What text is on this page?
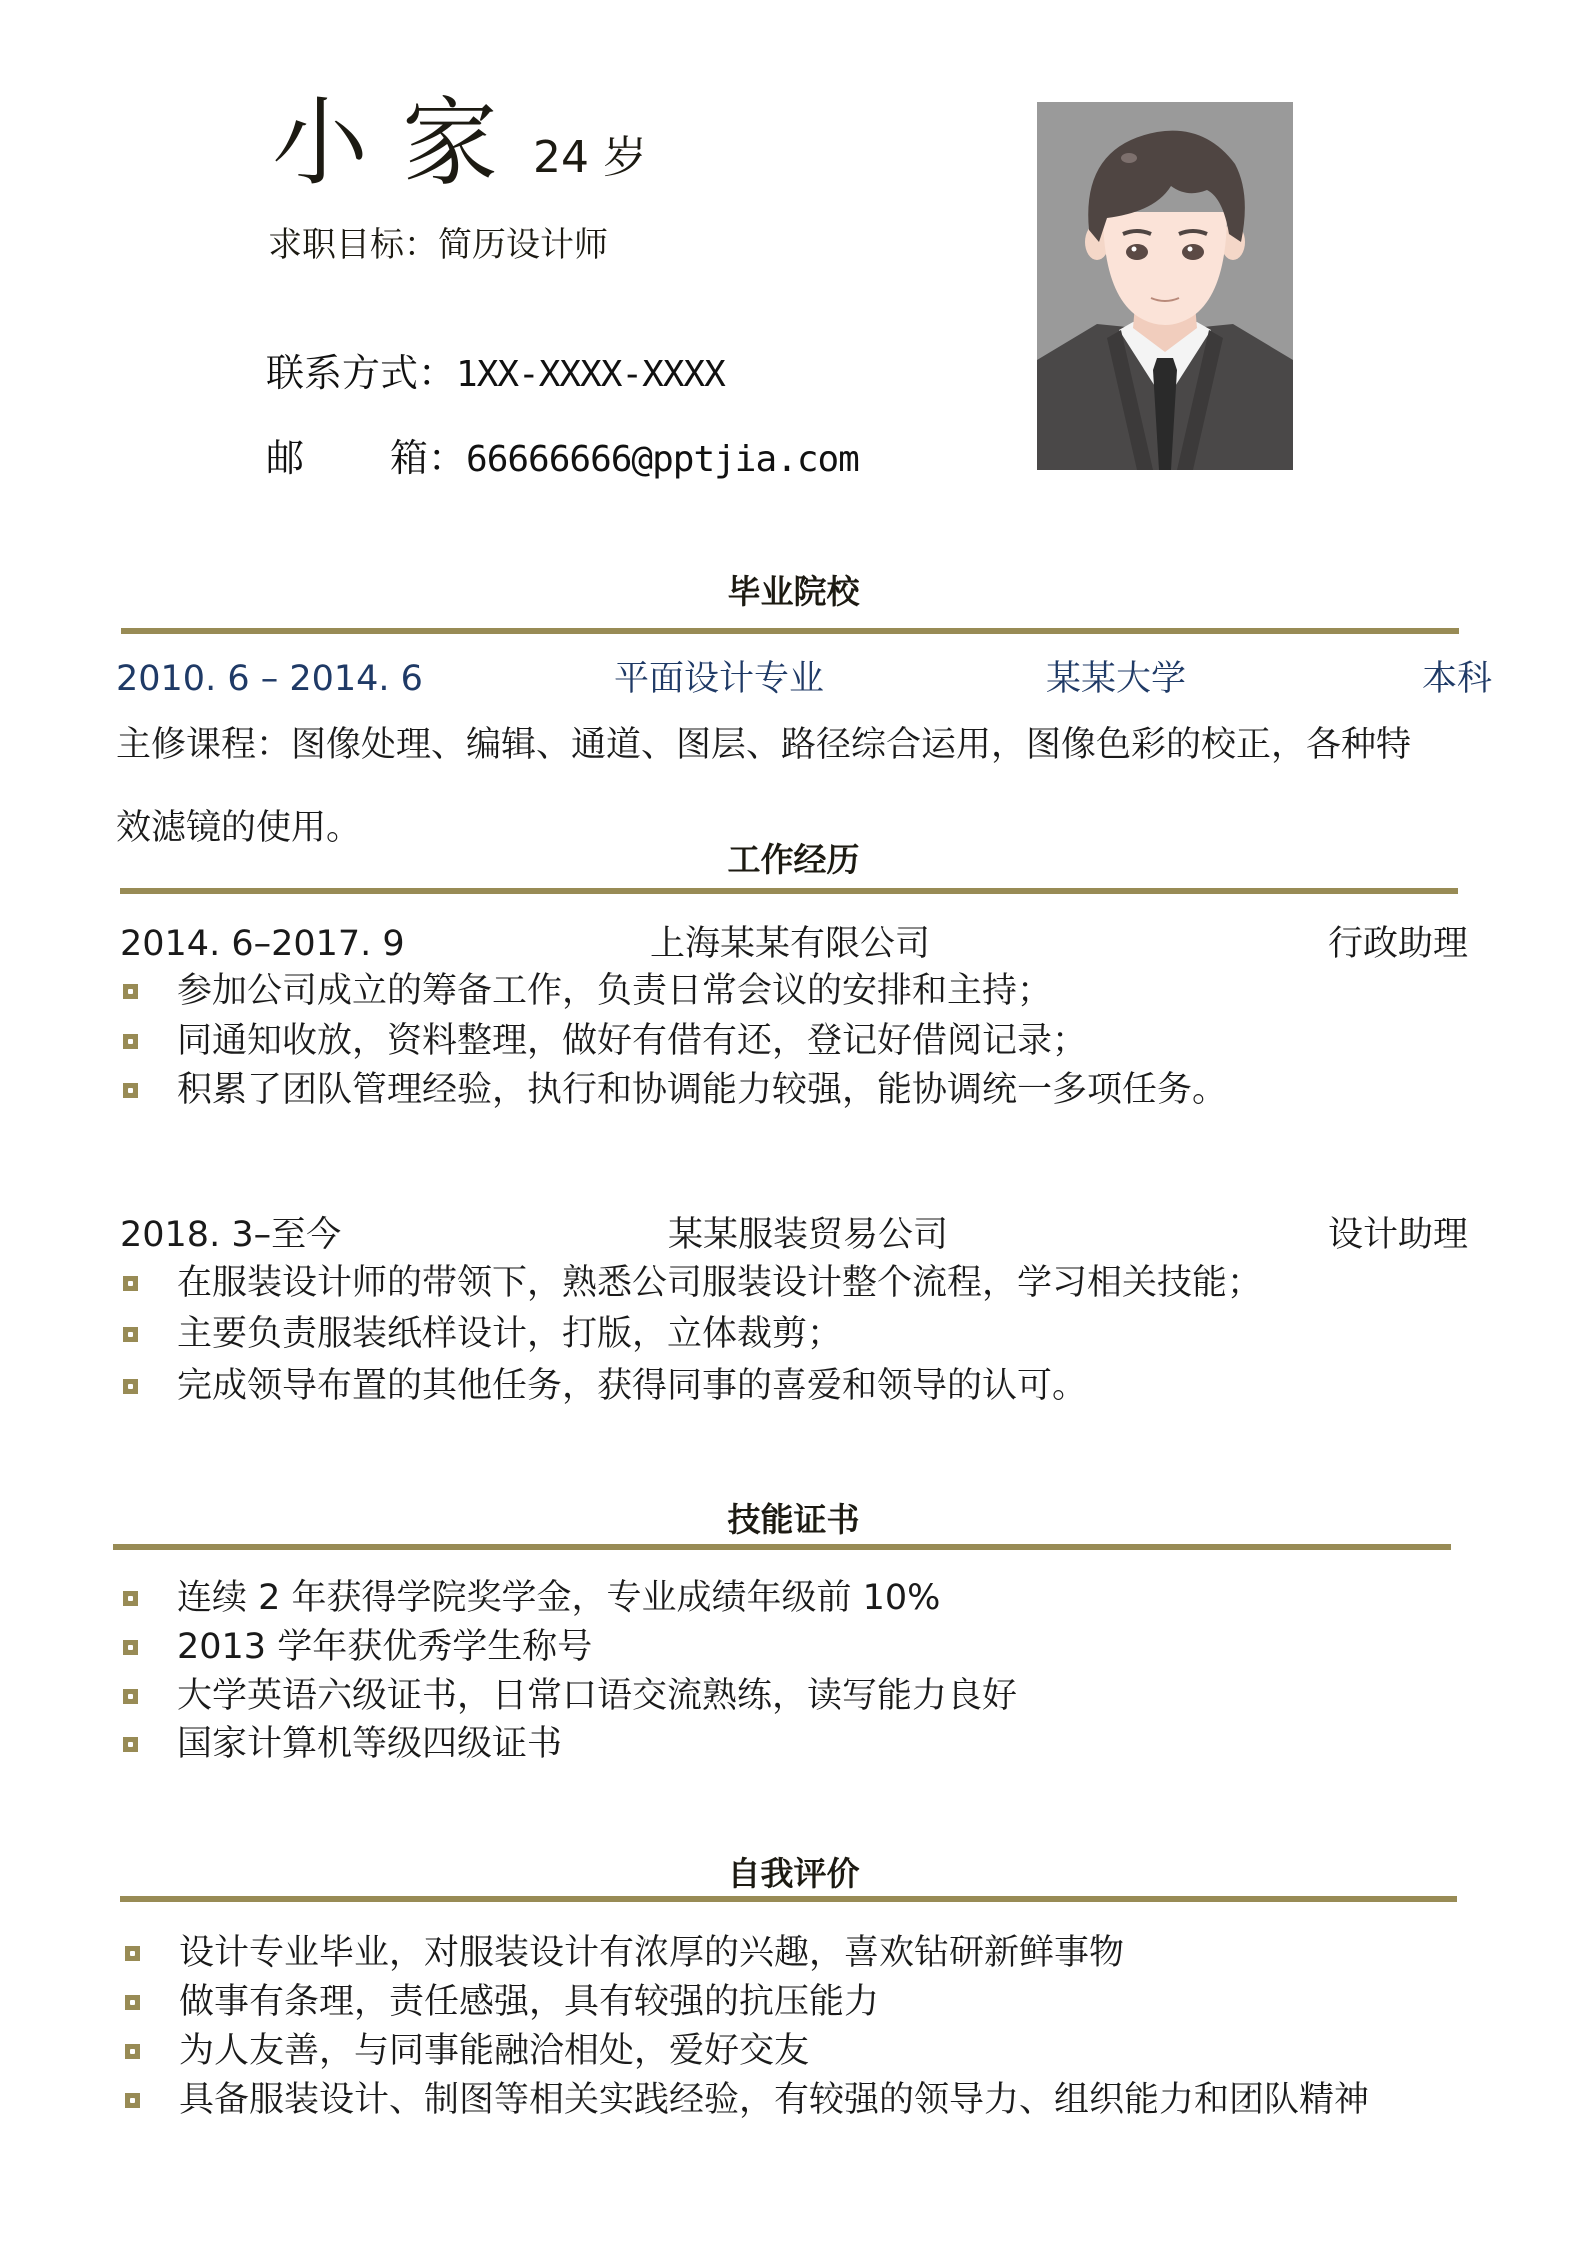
小家 24 岁
求职目标：简历设计师
联系方式：1XX-XXXX-XXXX
邮 箱：66666666@pptjia.com
毕业院校
2010. 6 – 2014. 6	平面设计专业	某某大学	本科
主修课程：图像处理、编辑、通道、图层、路径综合运用，图像色彩的校正，各种特
效滤镜的使用。
工作经历
2014. 6–2017. 9	上海某某有限公司	行政助理
参加公司成立的筹备工作，负责日常会议的安排和主持；
同通知收放，资料整理，做好有借有还，登记好借阅记录；
积累了团队管理经验，执行和协调能力较强，能协调统一多项任务。
2018. 3–至今	某某服装贸易公司	设计助理
在服装设计师的带领下，熟悉公司服装设计整个流程，学习相关技能；
主要负责服装纸样设计，打版，立体裁剪；
完成领导布置的其他任务，获得同事的喜爱和领导的认可。
技能证书
连续 2 年获得学院奖学金，专业成绩年级前 10%
2013 学年获优秀学生称号
大学英语六级证书，日常口语交流熟练，读写能力良好
国家计算机等级四级证书
自我评价
设计专业毕业，对服装设计有浓厚的兴趣，喜欢钻研新鲜事物
做事有条理，责任感强，具有较强的抗压能力
为人友善，与同事能融洽相处，爱好交友
具备服装设计、制图等相关实践经验，有较强的领导力、组织能力和团队精神
